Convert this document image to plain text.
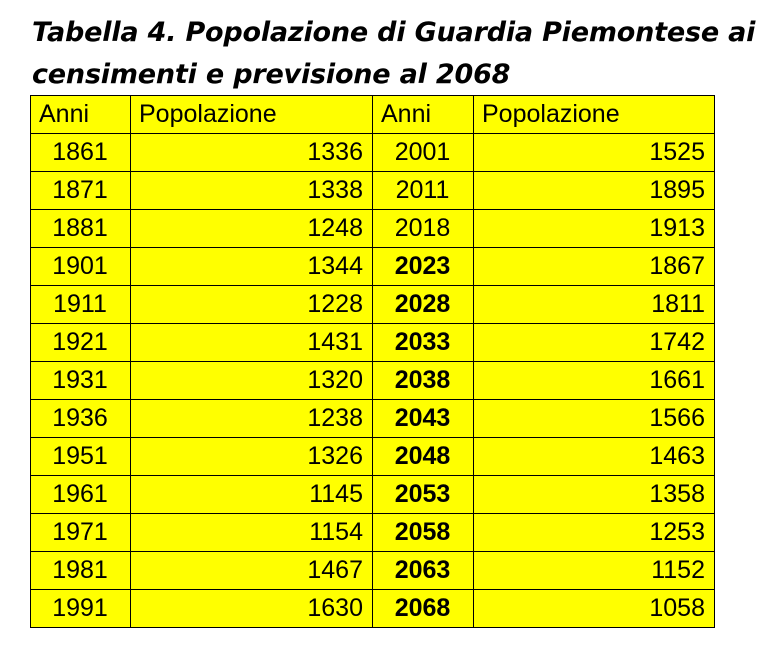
Tabella 4. Popolazione di Guardia Piemontese ai
censimenti e previsione al 2068
Anni	Popolazione	Anni	Popolazione
1861	1336	2001	1525
1871	1338	2011	1895
1881	1248	2018	1913
1901	1344	2023	1867
1911	1228	2028	1811
1921	1431	2033	1742
1931	1320	2038	1661
1936	1238	2043	1566
1951	1326	2048	1463
1961	1145	2053	1358
1971	1154	2058	1253
1981	1467	2063	1152
1991	1630	2068	1058
